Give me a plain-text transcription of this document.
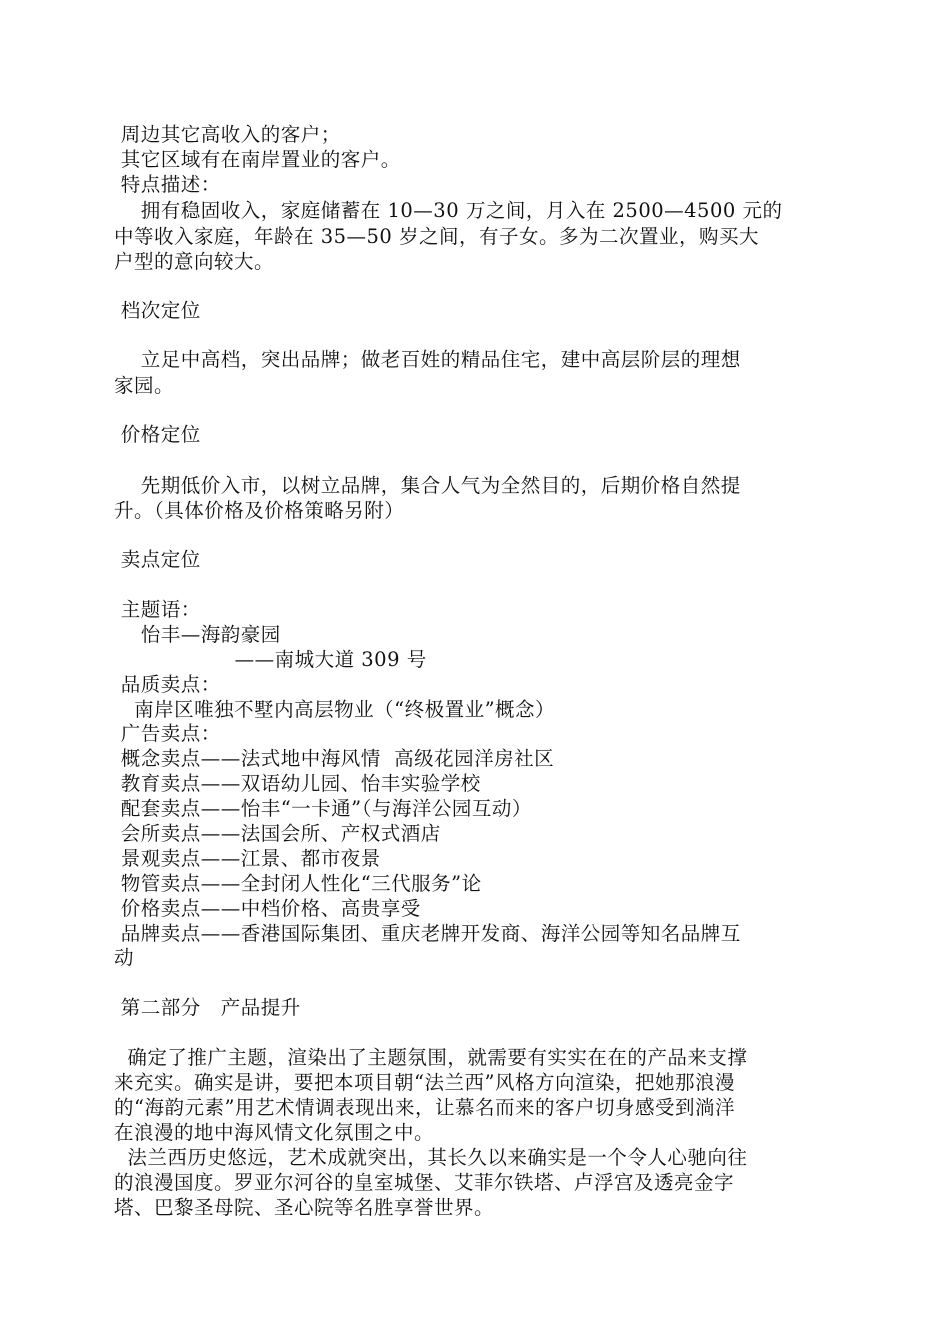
周边其它高收入的客户；
其它区域有在南岸置业的客户。
特点描述：
拥有稳固收入，家庭储蓄在 10—30 万之间，月入在 2500—4500 元的
中等收入家庭，年龄在 35—50 岁之间，有子女。多为二次置业，购买大
户型的意向较大。
档次定位
立足中高档，突出品牌；做老百姓的精品住宅，建中高层阶层的理想
家园。
价格定位
先期低价入市，以树立品牌，集合人气为全然目的，后期价格自然提
升。（具体价格及价格策略另附）
卖点定位
主题语：
怡丰—海韵豪园
——南城大道 309 号
品质卖点：
南岸区唯独不墅内高层物业（“终极置业”概念）
广告卖点：
概念卖点——法式地中海风情  高级花园洋房社区
教育卖点——双语幼儿园、怡丰实验学校
配套卖点——怡丰“一卡通”（与海洋公园互动）
会所卖点——法国会所、产权式酒店
景观卖点——江景、都市夜景
物管卖点——全封闭人性化“三代服务”论
价格卖点——中档价格、高贵享受
品牌卖点——香港国际集团、重庆老牌开发商、海洋公园等知名品牌互
动
第二部分   产品提升
确定了推广主题，渲染出了主题氛围，就需要有实实在在的产品来支撑
来充实。确实是讲，要把本项目朝“法兰西”风格方向渲染，把她那浪漫
的“海韵元素”用艺术情调表现出来，让慕名而来的客户切身感受到淌洋
在浪漫的地中海风情文化氛围之中。
法兰西历史悠远，艺术成就突出，其长久以来确实是一个令人心驰向往
的浪漫国度。罗亚尔河谷的皇室城堡、艾菲尔铁塔、卢浮宫及透亮金字
塔、巴黎圣母院、圣心院等名胜享誉世界。
